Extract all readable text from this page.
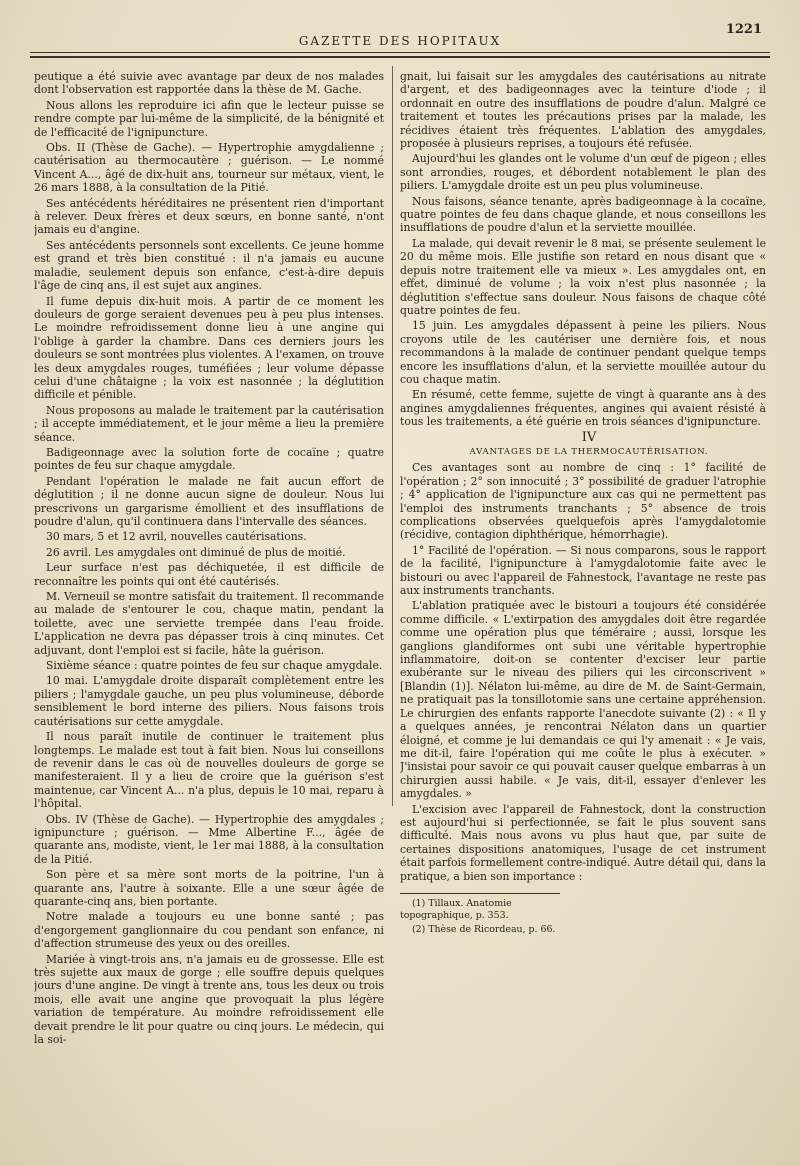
GAZETTE DES HOPITAUX
1221

peutique a été suivie avec avantage par deux de nos malades dont l'observation est rapportée dans la thèse de M. Gache.

Nous allons les reproduire ici afin que le lecteur puisse se rendre compte par lui-même de la simplicité, de la bénignité et de l'efficacité de l'ignipuncture.

Obs. II (Thèse de Gache). — Hypertrophie amygdalienne ; cautérisation au thermocautère ; guérison. — Le nommé Vincent A..., âgé de dix-huit ans, tourneur sur métaux, vient, le 26 mars 1888, à la consultation de la Pitié.

Ses antécédents héréditaires ne présentent rien d'important à relever. Deux frères et deux sœurs, en bonne santé, n'ont jamais eu d'angine.

Ses antécédents personnels sont excellents. Ce jeune homme est grand et très bien constitué : il n'a jamais eu aucune maladie, seulement depuis son enfance, c'est-à-dire depuis l'âge de cinq ans, il est sujet aux angines.

Il fume depuis dix-huit mois. A partir de ce moment les douleurs de gorge seraient devenues peu à peu plus intenses. Le moindre refroidissement donne lieu à une angine qui l'oblige à garder la chambre. Dans ces derniers jours les douleurs se sont montrées plus violentes. A l'examen, on trouve les deux amygdales rouges, tuméfiées ; leur volume dépasse celui d'une châtaigne ; la voix est nasonnée ; la déglutition difficile et pénible.

Nous proposons au malade le traitement par la cautérisation ; il accepte immédiatement, et le jour même a lieu la première séance.

Badigeonnage avec la solution forte de cocaïne ; quatre pointes de feu sur chaque amygdale.

Pendant l'opération le malade ne fait aucun effort de déglutition ; il ne donne aucun signe de douleur. Nous lui prescrivons un gargarisme émollient et des insufflations de poudre d'alun, qu'il continuera dans l'intervalle des séances.

30 mars, 5 et 12 avril, nouvelles cautérisations.

26 avril. Les amygdales ont diminué de plus de moitié.

Leur surface n'est pas déchiquetée, il est difficile de reconnaître les points qui ont été cautérisés.

M. Verneuil se montre satisfait du traitement. Il recommande au malade de s'entourer le cou, chaque matin, pendant la toilette, avec une serviette trempée dans l'eau froide. L'application ne devra pas dépasser trois à cinq minutes. Cet adjuvant, dont l'emploi est si facile, hâte la guérison.

Sixième séance : quatre pointes de feu sur chaque amygdale.

10 mai. L'amygdale droite disparaît complètement entre les piliers ; l'amygdale gauche, un peu plus volumineuse, déborde sensiblement le bord interne des piliers. Nous faisons trois cautérisations sur cette amygdale.

Il nous paraît inutile de continuer le traitement plus longtemps. Le malade est tout à fait bien. Nous lui conseillons de revenir dans le cas où de nouvelles douleurs de gorge se manifesteraient. Il y a lieu de croire que la guérison s'est maintenue, car Vincent A... n'a plus, depuis le 10 mai, reparu à l'hôpital.

Obs. IV (Thèse de Gache). — Hypertrophie des amygdales ; ignipuncture ; guérison. — Mme Albertine F..., âgée de quarante ans, modiste, vient, le 1er mai 1888, à la consultation de la Pitié.

Son père et sa mère sont morts de la poitrine, l'un à quarante ans, l'autre à soixante. Elle a une sœur âgée de quarante-cinq ans, bien portante.

Notre malade a toujours eu une bonne santé ; pas d'engorgement ganglionnaire du cou pendant son enfance, ni d'affection strumeuse des yeux ou des oreilles.

Mariée à vingt-trois ans, n'a jamais eu de grossesse. Elle est très sujette aux maux de gorge ; elle souffre depuis quelques jours d'une angine. De vingt à trente ans, tous les deux ou trois mois, elle avait une angine que provoquait la plus légère variation de température. Au moindre refroidissement elle devait prendre le lit pour quatre ou cinq jours. Le médecin, qui la soi-

gnait, lui faisait sur les amygdales des cautérisations au nitrate d'argent, et des badigeonnages avec la teinture d'iode ; il ordonnait en outre des insufflations de poudre d'alun. Malgré ce traitement et toutes les précautions prises par la malade, les récidives étaient très fréquentes. L'ablation des amygdales, proposée à plusieurs reprises, a toujours été refusée.

Aujourd'hui les glandes ont le volume d'un œuf de pigeon ; elles sont arrondies, rouges, et débordent notablement le plan des piliers. L'amygdale droite est un peu plus volumineuse.

Nous faisons, séance tenante, après badigeonnage à la cocaïne, quatre pointes de feu dans chaque glande, et nous conseillons les insufflations de poudre d'alun et la serviette mouillée.

La malade, qui devait revenir le 8 mai, se présente seulement le 20 du même mois. Elle justifie son retard en nous disant que « depuis notre traitement elle va mieux ». Les amygdales ont, en effet, diminué de volume ; la voix n'est plus nasonnée ; la déglutition s'effectue sans douleur. Nous faisons de chaque côté quatre pointes de feu.

15 juin. Les amygdales dépassent à peine les piliers. Nous croyons utile de les cautériser une dernière fois, et nous recommandons à la malade de continuer pendant quelque temps encore les insufflations d'alun, et la serviette mouillée autour du cou chaque matin.

En résumé, cette femme, sujette de vingt à quarante ans à des angines amygdaliennes fréquentes, angines qui avaient résisté à tous les traitements, a été guérie en trois séances d'ignipuncture.

IV

AVANTAGES DE LA THERMOCAUTÉRISATION.

Ces avantages sont au nombre de cinq : 1° facilité de l'opération ; 2° son innocuité ; 3° possibilité de graduer l'atrophie ; 4° application de l'ignipuncture aux cas qui ne permettent pas l'emploi des instruments tranchants ; 5° absence de trois complications observées quelquefois après l'amygdalotomie (récidive, contagion diphthérique, hémorrhagie).

1° Facilité de l'opération. — Si nous comparons, sous le rapport de la facilité, l'ignipuncture à l'amygdalotomie faite avec le bistouri ou avec l'appareil de Fahnestock, l'avantage ne reste pas aux instruments tranchants.

L'ablation pratiquée avec le bistouri a toujours été considérée comme difficile. « L'extirpation des amygdales doit être regardée comme une opération plus que téméraire ; aussi, lorsque les ganglions glandiformes ont subi une véritable hypertrophie inflammatoire, doit-on se contenter d'exciser leur partie exubérante sur le niveau des piliers qui les circonscrivent » [Blandin (1)]. Nélaton lui-même, au dire de M. de Saint-Germain, ne pratiquait pas la tonsillotomie sans une certaine appréhension. Le chirurgien des enfants rapporte l'anecdote suivante (2) : « Il y a quelques années, je rencontrai Nélaton dans un quartier éloigné, et comme je lui demandais ce qui l'y amenait : « Je vais, me dit-il, faire l'opération qui me coûte le plus à exécuter. » J'insistai pour savoir ce qui pouvait causer quelque embarras à un chirurgien aussi habile. « Je vais, dit-il, essayer d'enlever les amygdales. »

L'excision avec l'appareil de Fahnestock, dont la construction est aujourd'hui si perfectionnée, se fait le plus souvent sans difficulté. Mais nous avons vu plus haut que, par suite de certaines dispositions anatomiques, l'usage de cet instrument était parfois formellement contre-indiqué. Autre détail qui, dans la pratique, a bien son importance :

(1) Tillaux. Anatomie topographique, p. 353.

(2) Thèse de Ricordeau, p. 66.
